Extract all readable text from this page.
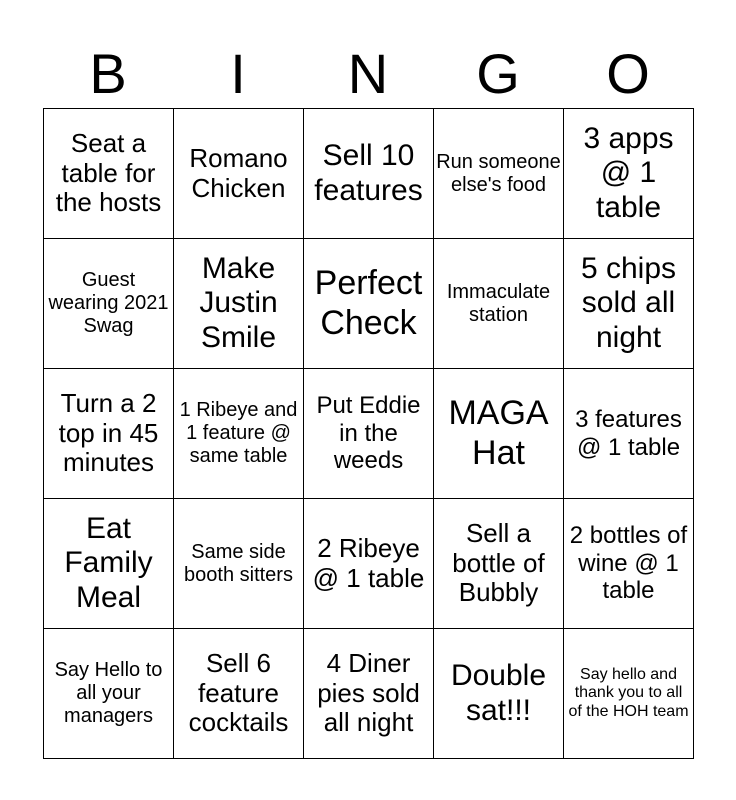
B	I	N	G	O
Seat a table for the hosts	Romano Chicken	Sell 10 features	Run someone else's food	3 apps @ 1 table
Guest wearing 2021 Swag	Make Justin Smile	Perfect Check	Immaculate station	5 chips sold all night
Turn a 2 top in 45 minutes	1 Ribeye and 1 feature @ same table	Put Eddie in the weeds	MAGA Hat	3 features @ 1 table
Eat Family Meal	Same side booth sitters	2 Ribeye @ 1 table	Sell a bottle of Bubbly	2 bottles of wine @ 1 table
Say Hello to all your managers	Sell 6 feature cocktails	4 Diner pies sold all night	Double sat!!!	Say hello and thank you to all of the HOH team
